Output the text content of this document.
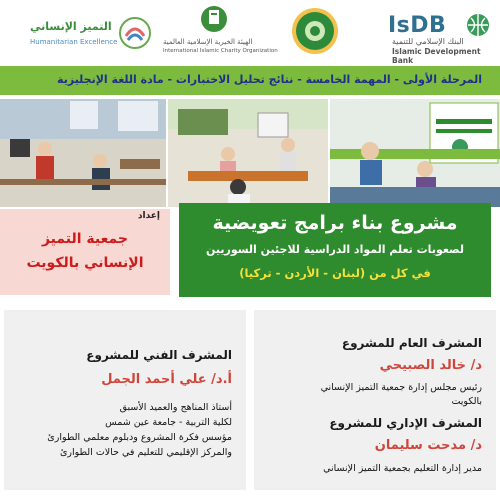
IsDB
البنك الإسلامي للتنمية
Islamic Development Bank
الهيئة الخيرية الإسلامية العالمية
International Islamic Charity Organization
التميز الإنساني
Humanitarian Excellence
المرحلة الأولى - المهمة الخامسة - نتائج تحليل الاختبارات - مادة اللغة الإنجليزية
إعداد
جمعية التميز
الإنساني بالكويت
مشروع بناء برامج تعويضية
لصعوبات تعلم المواد الدراسية للاجئين السوريين
في كل من (لبنان - الأردن - تركيا)
المشرف الفني للمشروع
أ.د/ علي أحمد الجمل
أستاذ المناهج والعميد الأسبق
لكلية التربية - جامعة عين شمس
مؤسس فكرة المشروع ودبلوم معلمي الطوارئ
والمركز الإقليمي للتعليم في حالات الطوارئ
المشرف العام للمشروع
د/ خالد الصبيحي
رئيس مجلس إدارة جمعية التميز الإنساني
بالكويت
المشرف الإداري للمشروع
د/ مدحت سليمان
مدير إدارة التعليم بجمعية التميز الإنساني
